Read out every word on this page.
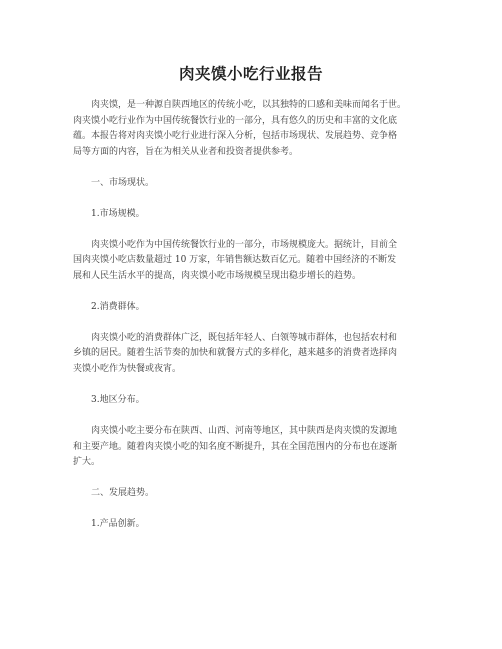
肉夹馍小吃行业报告

肉夹馍，是一种源自陕西地区的传统小吃，以其独特的口感和美味而闻名于世。
肉夹馍小吃行业作为中国传统餐饮行业的一部分，具有悠久的历史和丰富的文化底
蕴。本报告将对肉夹馍小吃行业进行深入分析，包括市场现状、发展趋势、竞争格
局等方面的内容，旨在为相关从业者和投资者提供参考。

一、市场现状。

1.市场规模。

肉夹馍小吃作为中国传统餐饮行业的一部分，市场规模庞大。据统计，目前全
国肉夹馍小吃店数量超过 10 万家，年销售额达数百亿元。随着中国经济的不断发
展和人民生活水平的提高，肉夹馍小吃市场规模呈现出稳步增长的趋势。

2.消费群体。

肉夹馍小吃的消费群体广泛，既包括年轻人、白领等城市群体，也包括农村和
乡镇的居民。随着生活节奏的加快和就餐方式的多样化，越来越多的消费者选择肉
夹馍小吃作为快餐或夜宵。

3.地区分布。

肉夹馍小吃主要分布在陕西、山西、河南等地区，其中陕西是肉夹馍的发源地
和主要产地。随着肉夹馍小吃的知名度不断提升，其在全国范围内的分布也在逐渐
扩大。

二、发展趋势。

1.产品创新。
